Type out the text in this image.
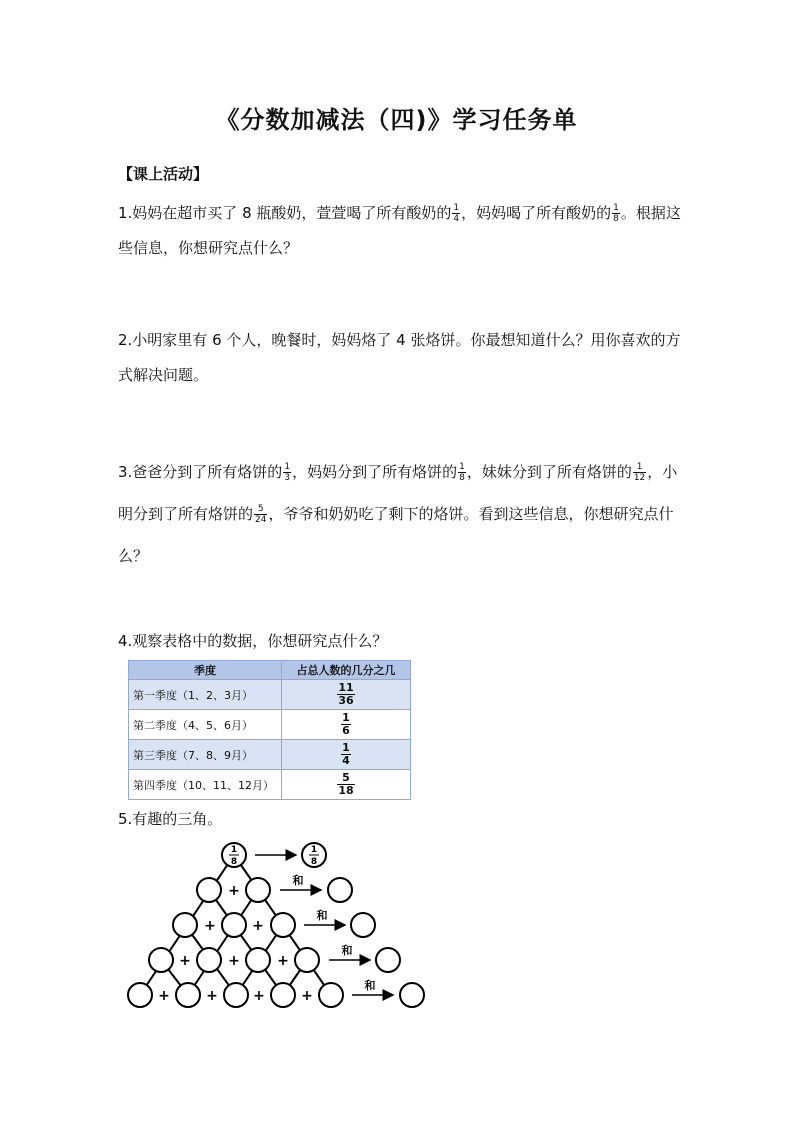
《分数加减法（四)》学习任务单
【课上活动】
1.妈妈在超市买了 8 瓶酸奶，萱萱喝了所有酸奶的 $\frac{1}{4}$ ，妈妈喝了所有酸奶的 $\frac{1}{8}$ 。根据这些信息，你想研究点什么？
2.小明家里有 6 个人，晚餐时，妈妈烙了 4 张烙饼。你最想知道什么？用你喜欢的方式解决问题。
3.爸爸分到了所有烙饼的 $\frac{1}{3}$ ，妈妈分到了所有烙饼的 $\frac{1}{8}$ ，妹妹分到了所有烙饼的 $\frac{1}{12}$ ，小明分到了所有烙饼的 $\frac{5}{24}$ ，爷爷和奶奶吃了剩下的烙饼。看到这些信息，你想研究点什么？
4.观察表格中的数据，你想研究点什么？
季度	占总人数的几分之几
第一季度（1、2、3月）	$\frac{11}{36}$

第二季度（4、5、6月）	$\frac{1}{6}$

第三季度（7、8、9月）	$\frac{1}{4}$

第四季度（10、11、12月）	$\frac{5}{18}$
5.有趣的三角。
1
8
1
8
+
+	+
+	+	+
+	+	+	+
和
和
和
和
